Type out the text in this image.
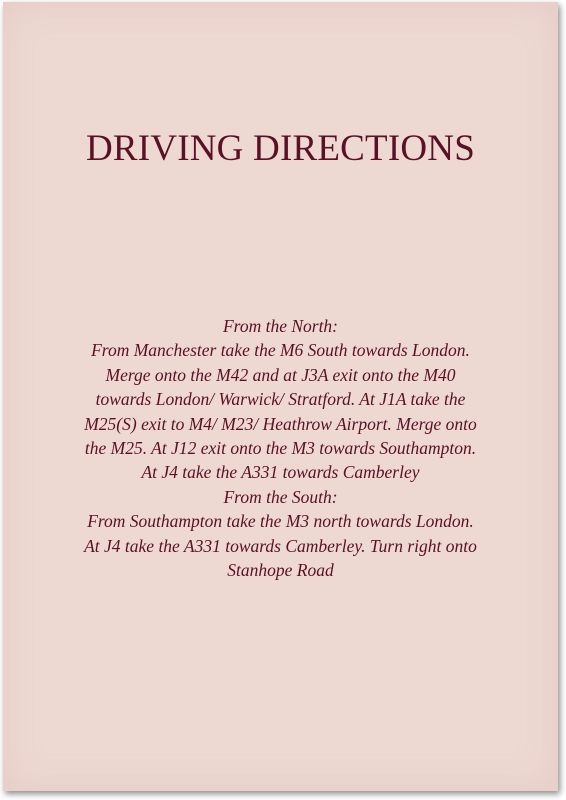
DRIVING DIRECTIONS
From the North:
From Manchester take the M6 South towards London.
Merge onto the M42 and at J3A exit onto the M40
towards London/ Warwick/ Stratford. At J1A take the
M25(S) exit to M4/ M23/ Heathrow Airport. Merge onto
the M25. At J12 exit onto the M3 towards Southampton.
At J4 take the A331 towards Camberley
From the South:
From Southampton take the M3 north towards London.
At J4 take the A331 towards Camberley. Turn right onto
Stanhope Road
